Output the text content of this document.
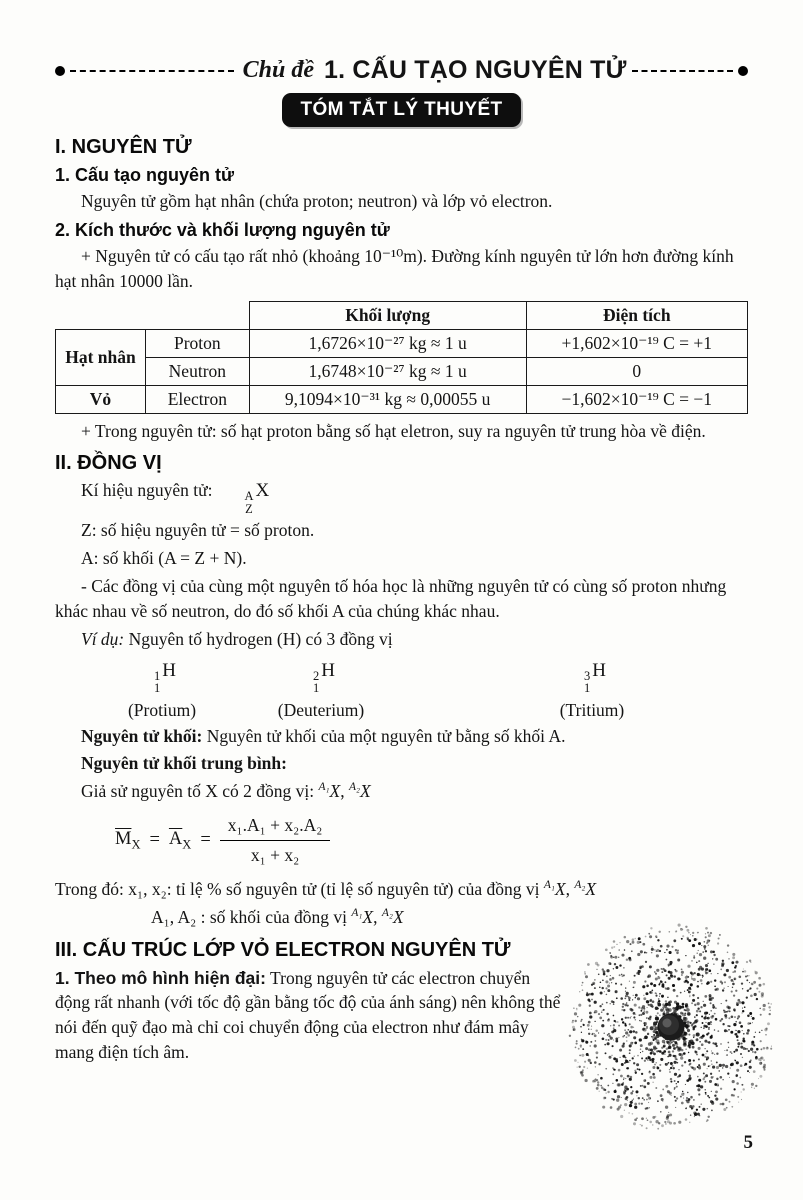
Chủ đề 1. CẤU TẠO NGUYÊN TỬ
TÓM TẮT LÝ THUYẾT
I. NGUYÊN TỬ
1. Cấu tạo nguyên tử

Nguyên tử gồm hạt nhân (chứa proton; neutron) và lớp vỏ electron.

2. Kích thước và khối lượng nguyên tử

+ Nguyên tử có cấu tạo rất nhỏ (khoảng 10⁻¹⁰m). Đường kính nguyên tử lớn hơn đường kính hạt nhân 10000 lần.

		Khối lượng	Điện tích
Hạt nhân	Proton	1,6726×10⁻²⁷ kg ≈ 1 u	+1,602×10⁻¹⁹ C = +1
	Neutron	1,6748×10⁻²⁷ kg ≈ 1 u	0
Vỏ	Electron	9,1094×10⁻³¹ kg ≈ 0,00055 u	−1,602×10⁻¹⁹ C = −1

+ Trong nguyên tử: số hạt proton bằng số hạt eletron, suy ra nguyên tử trung hòa về điện.

II. ĐỒNG VỊ

Kí hiệu nguyên tử:	A
Z
X

Z: số hiệu nguyên tử = số proton.

A: số khối (A = Z + N).

- Các đồng vị của cùng một nguyên tố hóa học là những nguyên tử có cùng số proton nhưng khác nhau về số neutron, do đó số khối A của chúng khác nhau.

Ví dụ: Nguyên tố hydrogen (H) có 3 đồng vị

1
1
H
(Protium)
2
1
H
(Deuterium)
3
1
H
(Tritium)

Nguyên tử khối: Nguyên tử khối của một nguyên tử bằng số khối A.

Nguyên tử khối trung bình:

Giả sử nguyên tố X có 2 đồng vị: $^{A_1}$X, $^{A_2}$X

$\overline{M}_X = \overline{A}_X = \frac{\text{x₁.A₁ + x₂.A₂}}{\text{x₁ + x₂}}$

Trong đó: x₁, x₂: tỉ lệ % số nguyên tử (tỉ lệ số nguyên tử) của đồng vị $^{A_1}$X, $^{A_2}$X

A₁, A₂ : số khối của đồng vị $^{A_1}$X, $^{A_2}$X

III. CẤU TRÚC LỚP VỎ ELECTRON NGUYÊN TỬ

1. Theo mô hình hiện đại: Trong nguyên tử các electron chuyển động rất nhanh (với tốc độ gần bằng tốc độ của ánh sáng) nên không thể nói đến quỹ đạo mà chỉ coi chuyển động của electron như đám mây mang điện tích âm.

5
